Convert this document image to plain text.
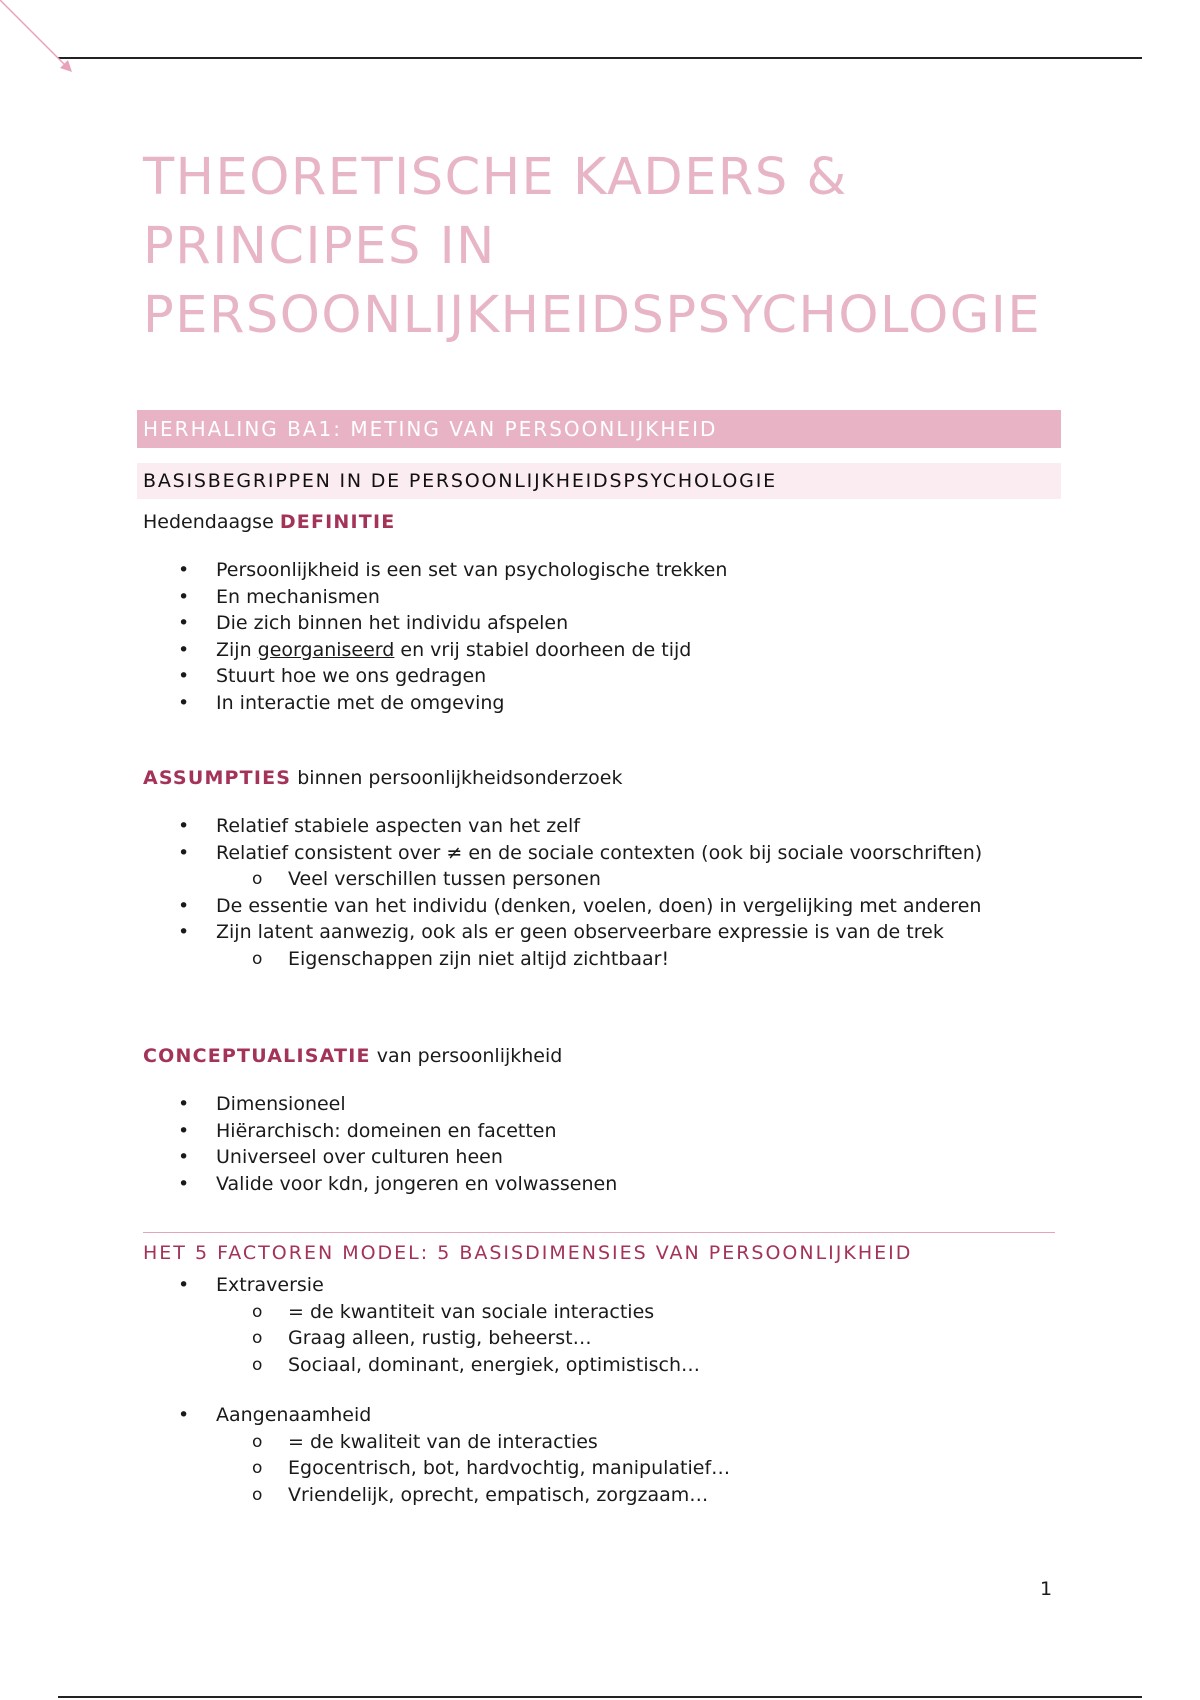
THEORETISCHE KADERS & PRINCIPES IN PERSOONLIJKHEIDSPSYCHOLOGIE
HERHALING BA1: METING VAN PERSOONLIJKHEID
BASISBEGRIPPEN IN DE PERSOONLIJKHEIDSPSYCHOLOGIE
Hedendaagse DEFINITIE
• Persoonlijkheid is een set van psychologische trekken
• En mechanismen
• Die zich binnen het individu afspelen
• Zijn georganiseerd en vrij stabiel doorheen de tijd
• Stuurt hoe we ons gedragen
• In interactie met de omgeving
ASSUMPTIES binnen persoonlijkheidsonderzoek
• Relatief stabiele aspecten van het zelf
• Relatief consistent over ≠ en de sociale contexten (ook bij sociale voorschriften)
o Veel verschillen tussen personen
• De essentie van het individu (denken, voelen, doen) in vergelijking met anderen
• Zijn latent aanwezig, ook als er geen observeerbare expressie is van de trek
o Eigenschappen zijn niet altijd zichtbaar!
CONCEPTUALISATIE van persoonlijkheid
• Dimensioneel
• Hiërarchisch: domeinen en facetten
• Universeel over culturen heen
• Valide voor kdn, jongeren en volwassenen
HET 5 FACTOREN MODEL: 5 BASISDIMENSIES VAN PERSOONLIJKHEID
• Extraversie
o = de kwantiteit van sociale interacties
o Graag alleen, rustig, beheerst…
o Sociaal, dominant, energiek, optimistisch…
• Aangenaamheid
o = de kwaliteit van de interacties
o Egocentrisch, bot, hardvochtig, manipulatief…
o Vriendelijk, oprecht, empatisch, zorgzaam…
1
